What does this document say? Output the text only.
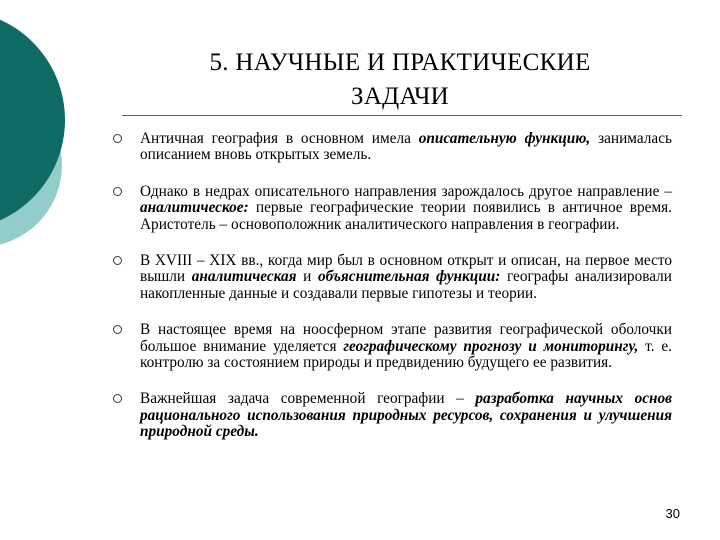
5. НАУЧНЫЕ И ПРАКТИЧЕСКИЕ
ЗАДАЧИ
Античная география в основном имела описательную функцию, занималась описанием вновь открытых земель.
Однако в недрах описательного направления зарождалось другое направление – аналитическое: первые географические теории появились в античное время. Аристотель – основоположник аналитического направления в географии.
В XVIII – XIX вв., когда мир был в основном открыт и описан, на первое место вышли аналитическая и объяснительная функции: географы анализировали накопленные данные и создавали первые гипотезы и теории.
В настоящее время на ноосферном этапе развития географической оболочки большое внимание уделяется географическому прогнозу и мониторингу, т. е. контролю за состоянием природы и предвидению будущего ее развития.
Важнейшая задача современной географии – разработка научных основ рационального использования природных ресурсов, сохранения и улучшения природной среды.
30
